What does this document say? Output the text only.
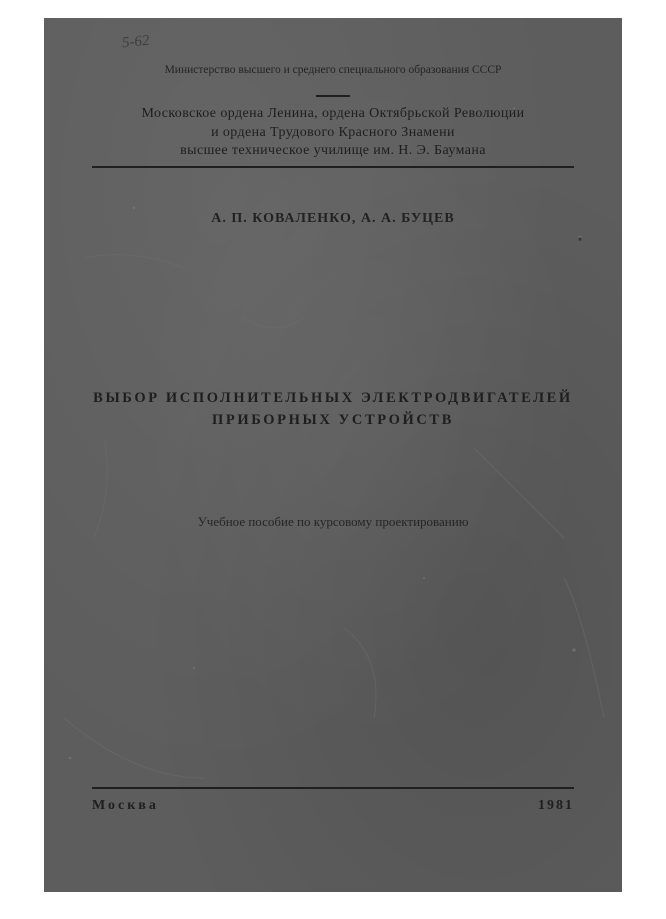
5-62
Министерство высшего и среднего специального образования СССР
Московское ордена Ленина, ордена Октябрьской Революции
и ордена Трудового Красного Знамени
высшее техническое училище им. Н. Э. Баумана
А. П. КОВАЛЕНКО, А. А. БУЦЕВ
ВЫБОР ИСПОЛНИТЕЛЬНЫХ ЭЛЕКТРОДВИГАТЕЛЕЙ
ПРИБОРНЫХ УСТРОЙСТВ
Учебное пособие по курсовому проектированию
Москва	1981
